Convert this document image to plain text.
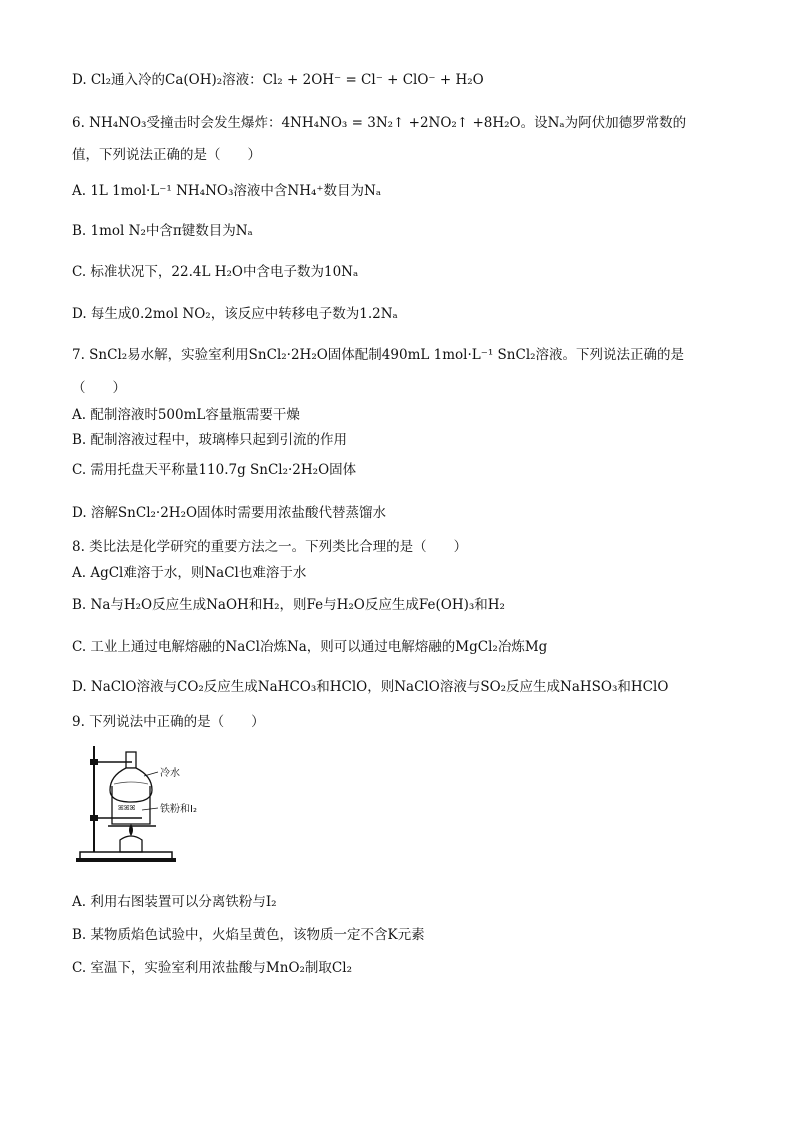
D. Cl₂通入冷的Ca(OH)₂溶液：Cl₂ + 2OH⁻ = Cl⁻ + ClO⁻ + H₂O
6. NH₄NO₃受撞击时会发生爆炸：4NH₄NO₃ = 3N₂↑ +2NO₂↑ +8H₂O。设Nₐ为阿伏加德罗常数的
值，下列说法正确的是（　　）
A. 1L 1mol·L⁻¹ NH₄NO₃溶液中含NH₄⁺数目为Nₐ
B. 1mol N₂中含π键数目为Nₐ
C. 标准状况下，22.4L H₂O中含电子数为10Nₐ
D. 每生成0.2mol NO₂，该反应中转移电子数为1.2Nₐ
7. SnCl₂易水解，实验室利用SnCl₂·2H₂O固体配制490mL 1mol·L⁻¹ SnCl₂溶液。下列说法正确的是
（　　）
A. 配制溶液时500mL容量瓶需要干燥
B. 配制溶液过程中，玻璃棒只起到引流的作用
C. 需用托盘天平称量110.7g SnCl₂·2H₂O固体
D. 溶解SnCl₂·2H₂O固体时需要用浓盐酸代替蒸馏水
8. 类比法是化学研究的重要方法之一。下列类比合理的是（　　）
A. AgCl难溶于水，则NaCl也难溶于水
B. Na与H₂O反应生成NaOH和H₂，则Fe与H₂O反应生成Fe(OH)₃和H₂
C. 工业上通过电解熔融的NaCl冶炼Na，则可以通过电解熔融的MgCl₂冶炼Mg
D. NaClO溶液与CO₂反应生成NaHCO₃和HClO，则NaClO溶液与SO₂反应生成NaHSO₃和HClO
9. 下列说法中正确的是（　　）
ꕤꕤꕤ
冷水
铁粉和I₂
A. 利用右图装置可以分离铁粉与I₂
B. 某物质焰色试验中，火焰呈黄色，该物质一定不含K元素
C. 室温下，实验室利用浓盐酸与MnO₂制取Cl₂
